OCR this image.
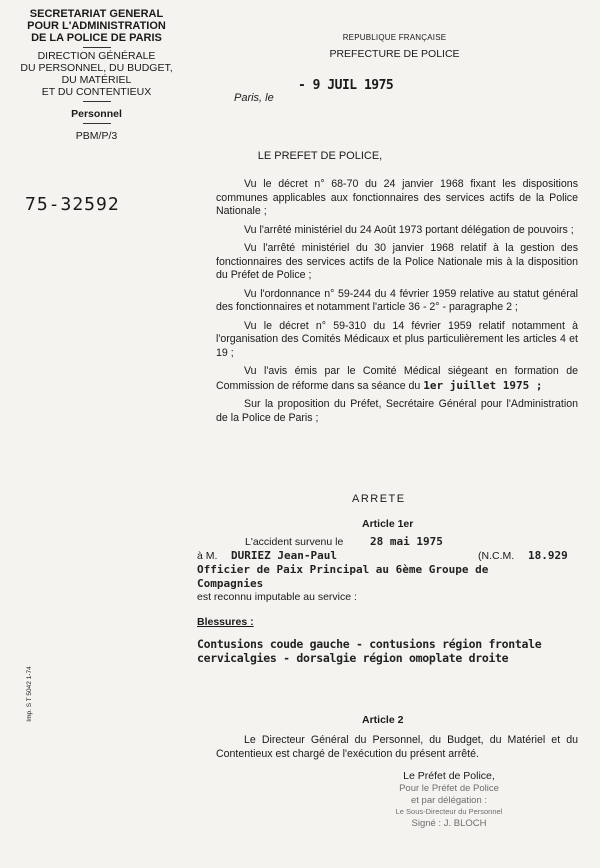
SECRETARIAT GENERAL
POUR L'ADMINISTRATION
DE LA POLICE DE PARIS
DIRECTION GÉNÉRALE
DU PERSONNEL, DU BUDGET,
DU MATÉRIEL
ET DU CONTENTIEUX
Personnel
PBM/P/3
REPUBLIQUE FRANÇAISE
PREFECTURE DE POLICE
- 9 JUIL 1975
Paris, le
75-32592
Imp. S T 5042 1-74
LE PREFET DE POLICE,

Vu le décret n° 68-70 du 24 janvier 1968 fixant les dispositions communes applicables aux fonctionnaires des services actifs de la Police Nationale ;

Vu l'arrêté ministériel du 24 Août 1973 portant délégation de pouvoirs ;

Vu l'arrêté ministériel du 30 janvier 1968 relatif à la gestion des fonctionnaires des services actifs de la Police Nationale mis à la disposition du Préfet de Police ;

Vu l'ordonnance n° 59-244 du 4 février 1959 relative au statut général des fonctionnaires et notamment l'article 36 - 2° - paragraphe 2 ;

Vu le décret n° 59-310 du 14 février 1959 relatif notamment à l'organisation des Comités Médicaux et plus particulièrement les articles 4 et 19 ;

Vu l'avis émis par le Comité Médical siégeant en formation de Commission de réforme dans sa séance du 1er juillet 1975 ;

Sur la proposition du Préfet, Secrétaire Général pour l'Administration de la Police de Paris ;

ARRETE
Article 1er
L'accident survenu le 28 mai 1975
à M. DURIEZ Jean-Paul	(N.C.M. 18.929
Officier de Paix Principal au 6ème Groupe de
Compagnies
est reconnu imputable au service :
Blessures :
Contusions coude gauche - contusions région frontale
cervicalgies - dorsalgie région omoplate droite
Article 2

Le Directeur Général du Personnel, du Budget, du Matériel et du Contentieux est chargé de l'exécution du présent arrêté.

Le Préfet de Police,
Pour le Préfet de Police
et par délégation :
Le Sous-Directeur du Personnel
Signé : J. BLOCH
